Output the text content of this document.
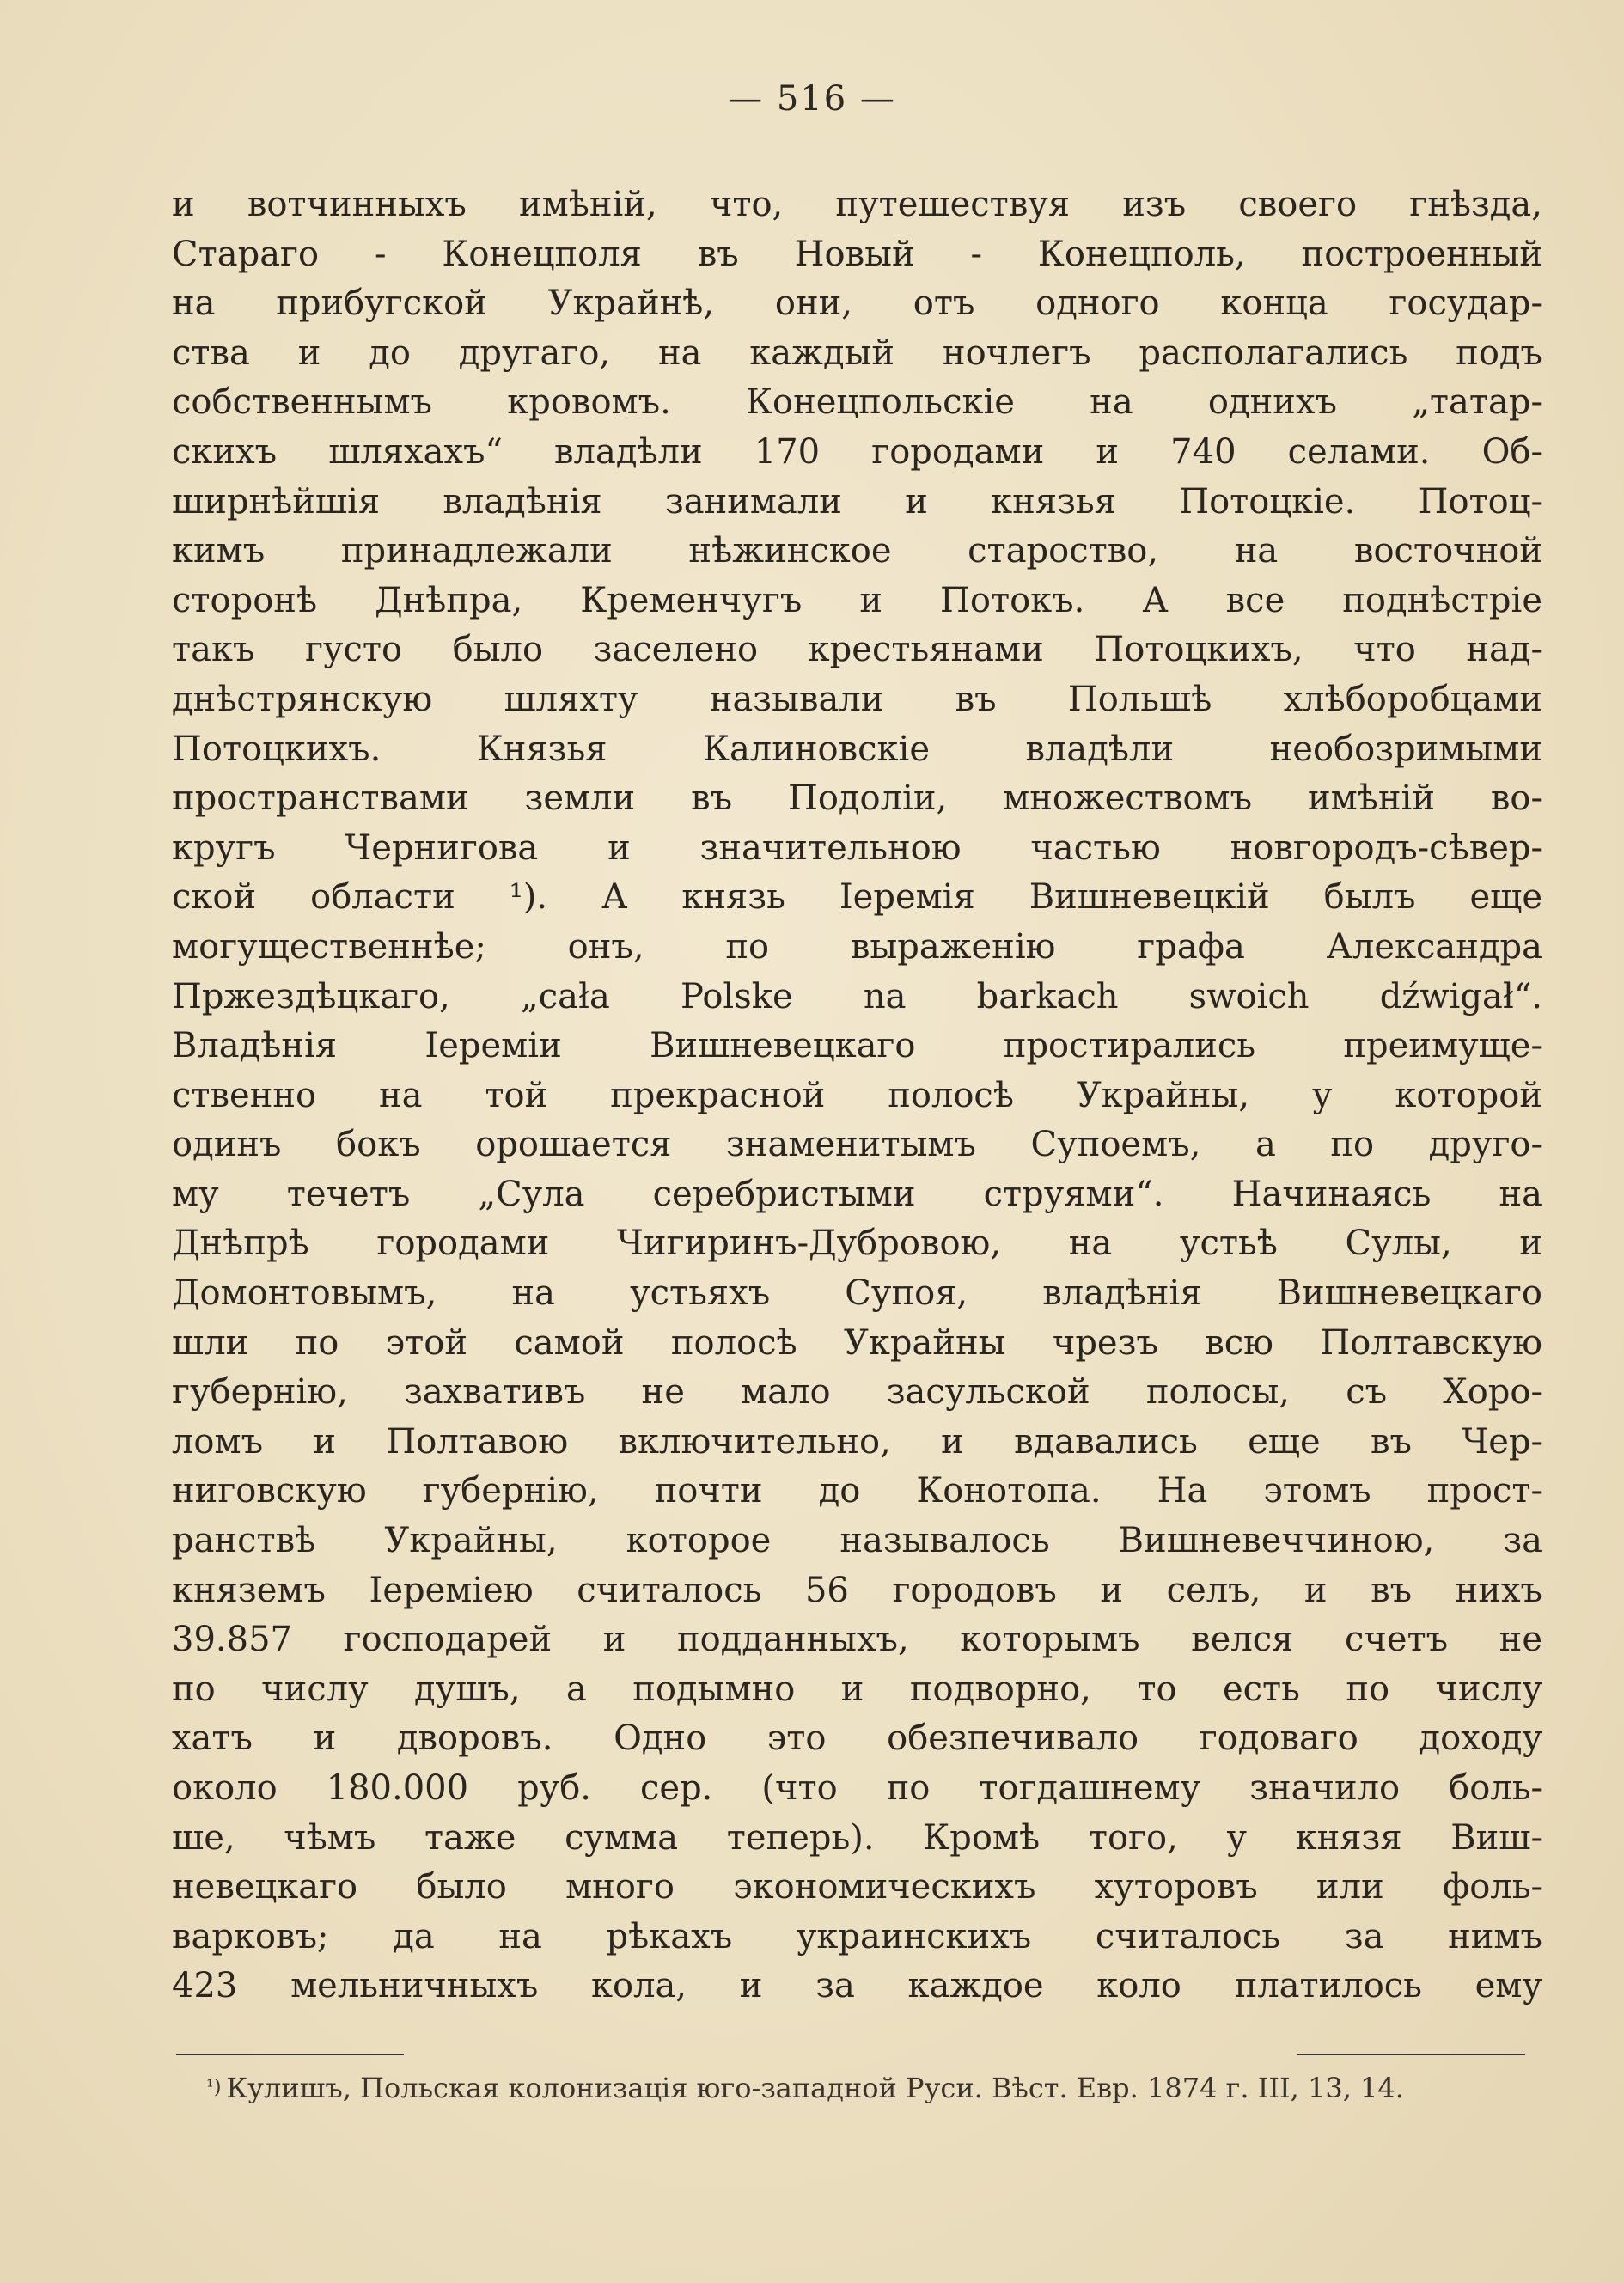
— 516 —
и вотчинныхъ имѣній, что, путешествуя изъ своего гнѣзда,
Стараго - Конецполя въ Новый - Конецполь, построенный
на прибугской Украйнѣ, они, отъ одного конца государ-
ства и до другаго, на каждый ночлегъ располагались подъ
собственнымъ кровомъ. Конецпольскіе на однихъ „татар-
скихъ шляхахъ“ владѣли 170 городами и 740 селами. Об-
ширнѣйшія владѣнія занимали и князья Потоцкіе. Потоц-
кимъ принадлежали нѣжинское староство, на восточной
сторонѣ Днѣпра, Кременчугъ и Потокъ. А все поднѣстріе
такъ густо было заселено крестьянами Потоцкихъ, что над-
днѣстрянскую шляхту называли въ Польшѣ хлѣборобцами
Потоцкихъ. Князья Калиновскіе владѣли необозримыми
пространствами земли въ Подоліи, множествомъ имѣній во-
кругъ Чернигова и значительною частью новгородъ-сѣвер-
ской области ¹). А князь Іеремія Вишневецкій былъ еще
могущественнѣе; онъ, по выраженію графа Александра
Пржездѣцкаго, „cała Polske na barkach swoich dźwigał“.
Владѣнія Іереміи Вишневецкаго простирались преимуще-
ственно на той прекрасной полосѣ Украйны, у которой
одинъ бокъ орошается знаменитымъ Супоемъ, а по друго-
му течетъ „Сула серебристыми струями“. Начинаясь на
Днѣпрѣ городами Чигиринъ-Дубровою, на устьѣ Сулы, и
Домонтовымъ, на устьяхъ Супоя, владѣнія Вишневецкаго
шли по этой самой полосѣ Украйны чрезъ всю Полтавскую
губернію, захвативъ не мало засульской полосы, съ Хоро-
ломъ и Полтавою включительно, и вдавались еще въ Чер-
ниговскую губернію, почти до Конотопа. На этомъ прост-
ранствѣ Украйны, которое называлось Вишневеччиною, за
княземъ Іереміею считалось 56 городовъ и селъ, и въ нихъ
39.857 господарей и подданныхъ, которымъ велся счетъ не
по числу душъ, а подымно и подворно, то есть по числу
хатъ и дворовъ. Одно это обезпечивало годоваго доходу
около 180.000 руб. сер. (что по тогдашнему значило боль-
ше, чѣмъ таже сумма теперь). Кромѣ того, у князя Виш-
невецкаго было много экономическихъ хуторовъ или фоль-
варковъ; да на рѣкахъ украинскихъ считалось за нимъ
423 мельничныхъ кола, и за каждое коло платилось ему
$^{^1)}$ Кулишъ, Польская колонизація юго-западной Руси. Вѣст. Евр. 1874 г. III, 13, 14.
